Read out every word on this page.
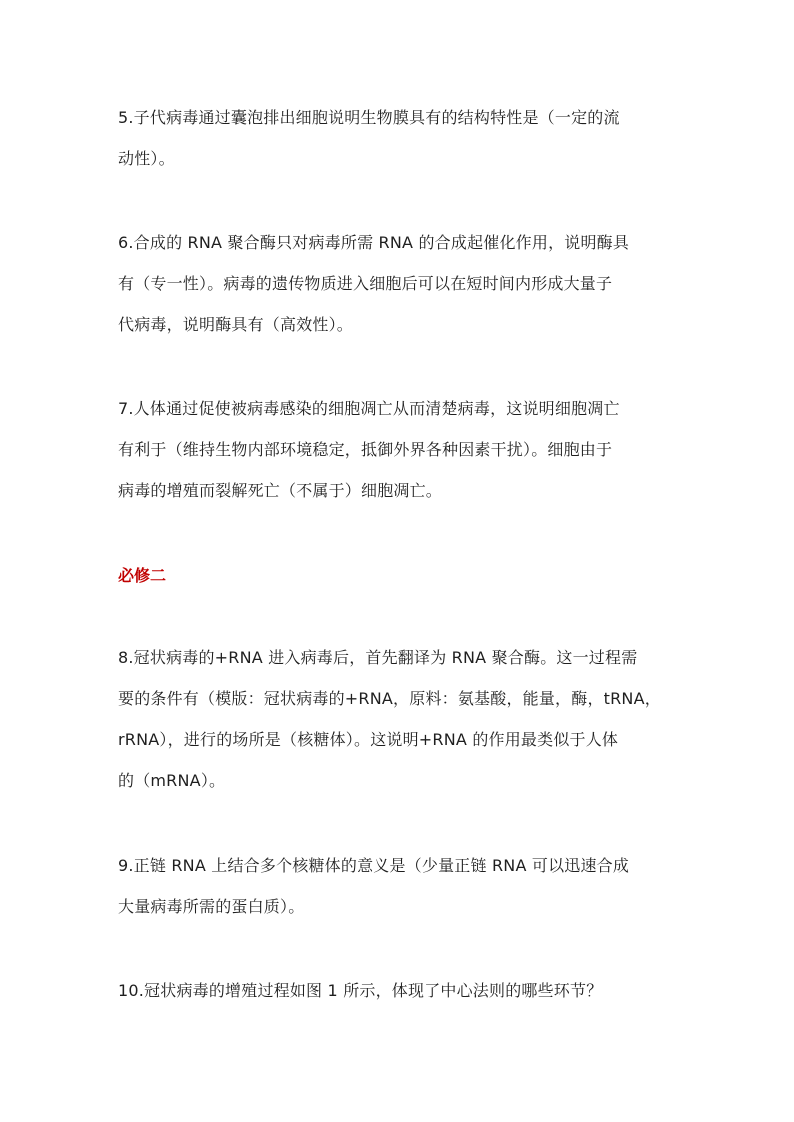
5.子代病毒通过囊泡排出细胞说明生物膜具有的结构特性是（一定的流
动性）。
6.合成的 RNA 聚合酶只对病毒所需 RNA 的合成起催化作用，说明酶具
有（专一性）。病毒的遗传物质进入细胞后可以在短时间内形成大量子
代病毒，说明酶具有（高效性）。
7.人体通过促使被病毒感染的细胞凋亡从而清楚病毒，这说明细胞凋亡
有利于（维持生物内部环境稳定，抵御外界各种因素干扰）。细胞由于
病毒的增殖而裂解死亡（不属于）细胞凋亡。
必修二
8.冠状病毒的+RNA 进入病毒后，首先翻译为 RNA 聚合酶。这一过程需
要的条件有（模版：冠状病毒的+RNA，原料：氨基酸，能量，酶，tRNA，
rRNA），进行的场所是（核糖体）。这说明+RNA 的作用最类似于人体
的（mRNA）。
9.正链 RNA 上结合多个核糖体的意义是（少量正链 RNA 可以迅速合成
大量病毒所需的蛋白质）。
10.冠状病毒的增殖过程如图 1 所示，体现了中心法则的哪些环节？
